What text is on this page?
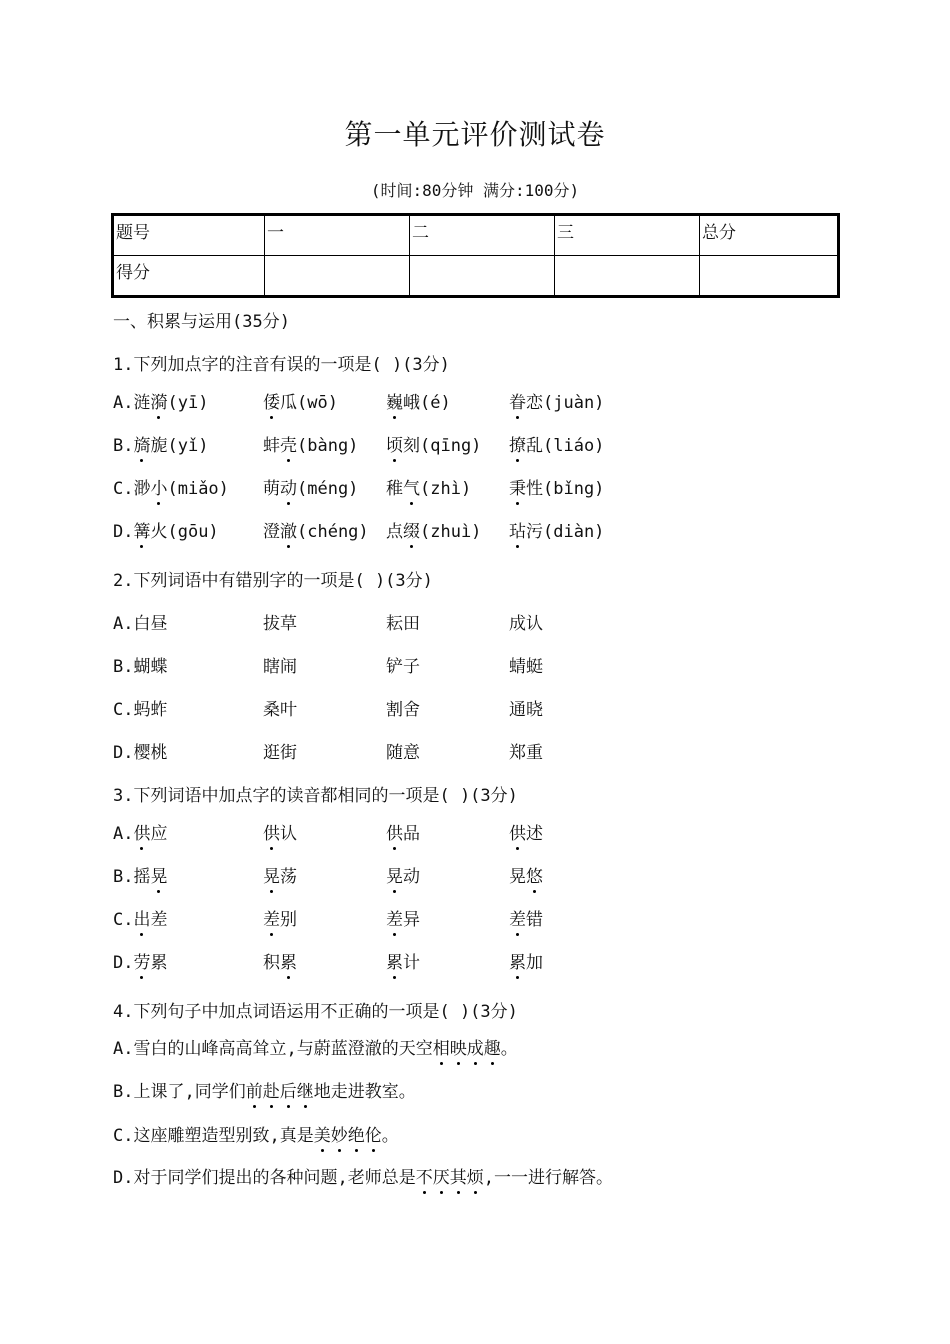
第一单元评价测试卷
(时间:80分钟 满分:100分)
题号	一	二	三	总分
得分				
一、积累与运用(35分)
1.下列加点字的注音有误的一项是( )(3分)
A.涟漪(yī)	倭瓜(wō)	巍峨(é)	眷恋(juàn)
B.旖旎(yǐ)	蚌壳(bàng) 顷刻(qīng) 撩乱(liáo)
C.渺小(miǎo) 萌动(méng) 稚气(zhì) 秉性(bǐng)
D.篝火(gōu)	澄澈(chéng) 点缀(zhuì) 玷污(diàn)
2.下列词语中有错别字的一项是( )(3分)
A.白昼	拔草	耘田	成认
B.蝴蝶	瞎闹	铲子	蜻蜓
C.蚂蚱	桑叶	割舍	通晓
D.樱桃	逛街	随意	郑重
3.下列词语中加点字的读音都相同的一项是( )(3分)
A.供应	供认	供品	供述
B.摇晃	晃荡	晃动	晃悠
C.出差	差别	差异	差错
D.劳累	积累	累计	累加
4.下列句子中加点词语运用不正确的一项是( )(3分)
A.雪白的山峰高高耸立,与蔚蓝澄澈的天空相映成趣。
B.上课了,同学们前赴后继地走进教室。
C.这座雕塑造型别致,真是美妙绝伦。
D.对于同学们提出的各种问题,老师总是不厌其烦,一一进行解答。
